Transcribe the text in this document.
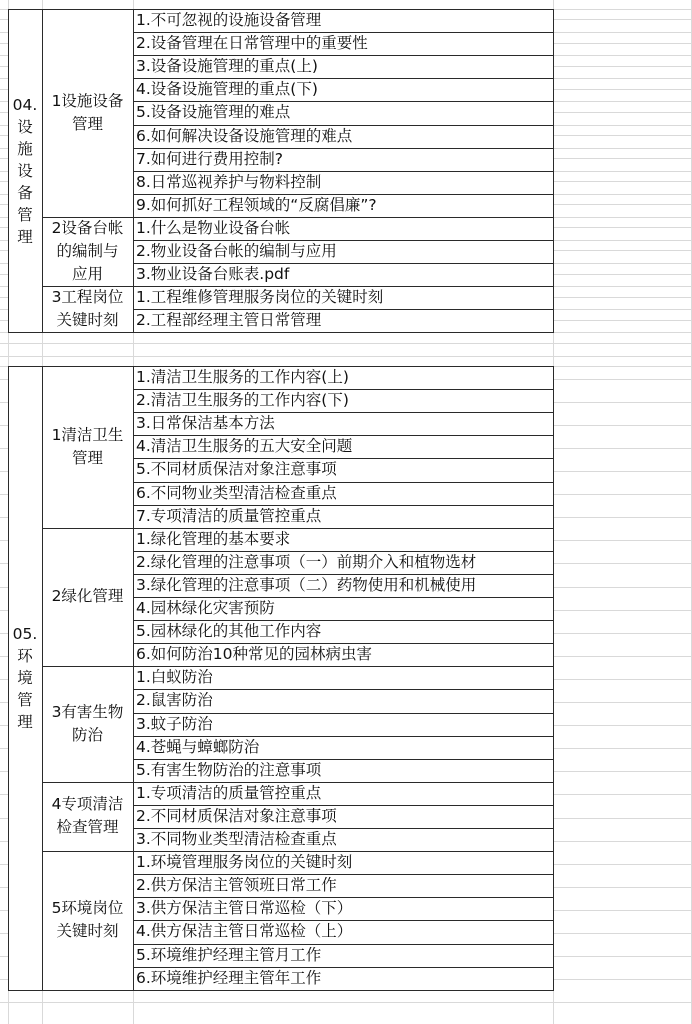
04.
设
施
设
备
管
理
1设施设备
管理
1.不可忽视的设施设备管理
2.设备管理在日常管理中的重要性
3.设备设施管理的重点(上)
4.设备设施管理的重点(下)
5.设备设施管理的难点
6.如何解决设备设施管理的难点
7.如何进行费用控制?
8.日常巡视养护与物料控制
9.如何抓好工程领域的“反腐倡廉”?
2设备台帐
的编制与
应用
1.什么是物业设备台帐
2.物业设备台帐的编制与应用
3.物业设备台账表.pdf
3工程岗位
关键时刻
1.工程维修管理服务岗位的关键时刻
2.工程部经理主管日常管理
05.
环
境
管
理
1清洁卫生
管理
1.清洁卫生服务的工作内容(上)
2.清洁卫生服务的工作内容(下)
3.日常保洁基本方法
4.清洁卫生服务的五大安全问题
5.不同材质保洁对象注意事项
6.不同物业类型清洁检查重点
7.专项清洁的质量管控重点
2绿化管理
1.绿化管理的基本要求
2.绿化管理的注意事项（一）前期介入和植物选材
3.绿化管理的注意事项（二）药物使用和机械使用
4.园林绿化灾害预防
5.园林绿化的其他工作内容
6.如何防治10种常见的园林病虫害
3有害生物
防治
1.白蚁防治
2.鼠害防治
3.蚊子防治
4.苍蝇与蟑螂防治
5.有害生物防治的注意事项
4专项清洁
检查管理
1.专项清洁的质量管控重点
2.不同材质保洁对象注意事项
3.不同物业类型清洁检查重点
5环境岗位
关键时刻
1.环境管理服务岗位的关键时刻
2.供方保洁主管领班日常工作
3.供方保洁主管日常巡检（下）
4.供方保洁主管日常巡检（上）
5.环境维护经理主管月工作
6.环境维护经理主管年工作
